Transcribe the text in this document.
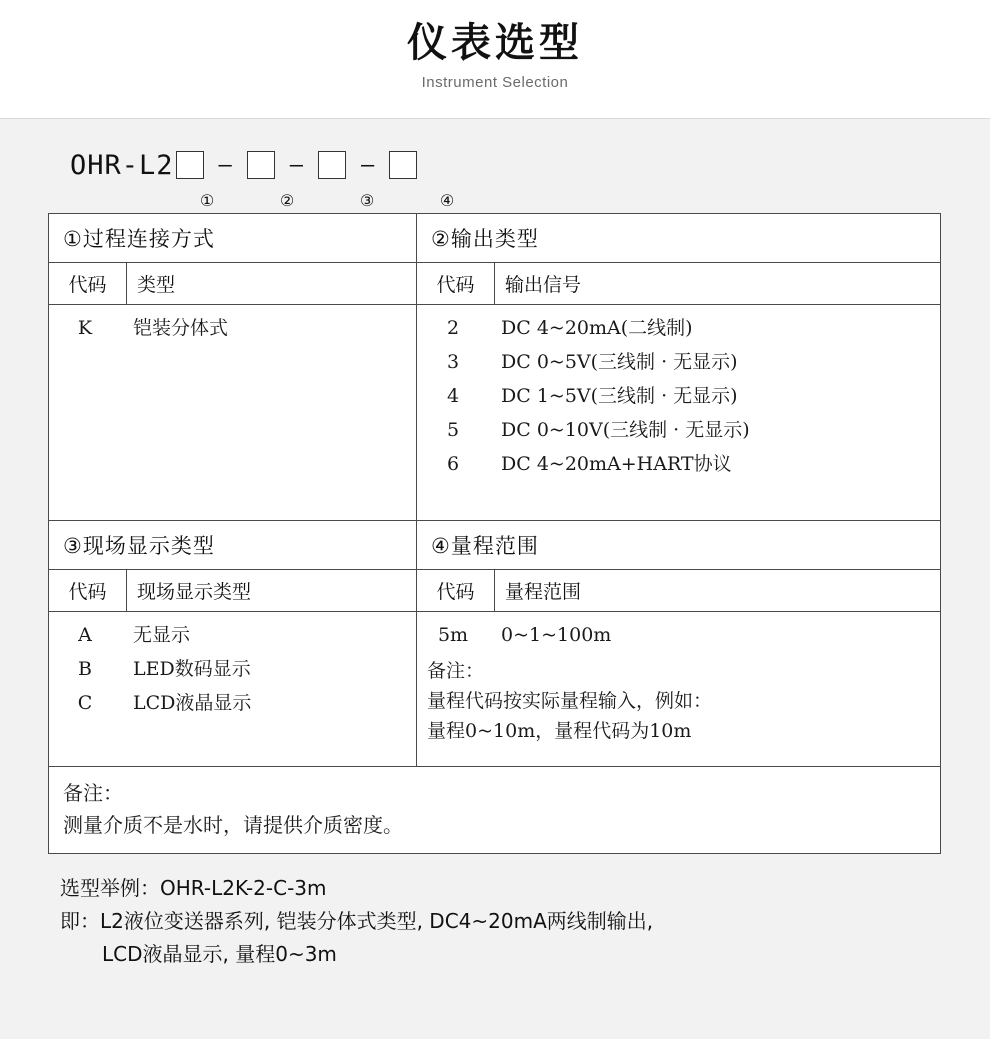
仪表选型
Instrument Selection
OHR-L2	–	–	–
①	②	③	④
①过程连接方式		②输出类型	
代码	类型	代码	输出信号

K	铠装分体式	2	DC 4~20mA(二线制)
3	DC 0~5V(三线制 · 无显示)
4	DC 1~5V(三线制 · 无显示)
5	DC 0~10V(三线制 · 无显示)
6	DC 4~20mA+HART协议

③现场显示类型		④量程范围	
代码	现场显示类型	代码	量程范围

A	无显示
B	LED数码显示
C	LCD液晶显示

5m	0~1~100m
备注：
量程代码按实际量程输入，例如：
量程0~10m，量程代码为10m

备注：
测量介质不是水时，请提供介质密度。			
选型举例：OHR-L2K-2-C-3m
即：L2液位变送器系列, 铠装分体式类型, DC4~20mA两线制输出,
LCD液晶显示, 量程0~3m
